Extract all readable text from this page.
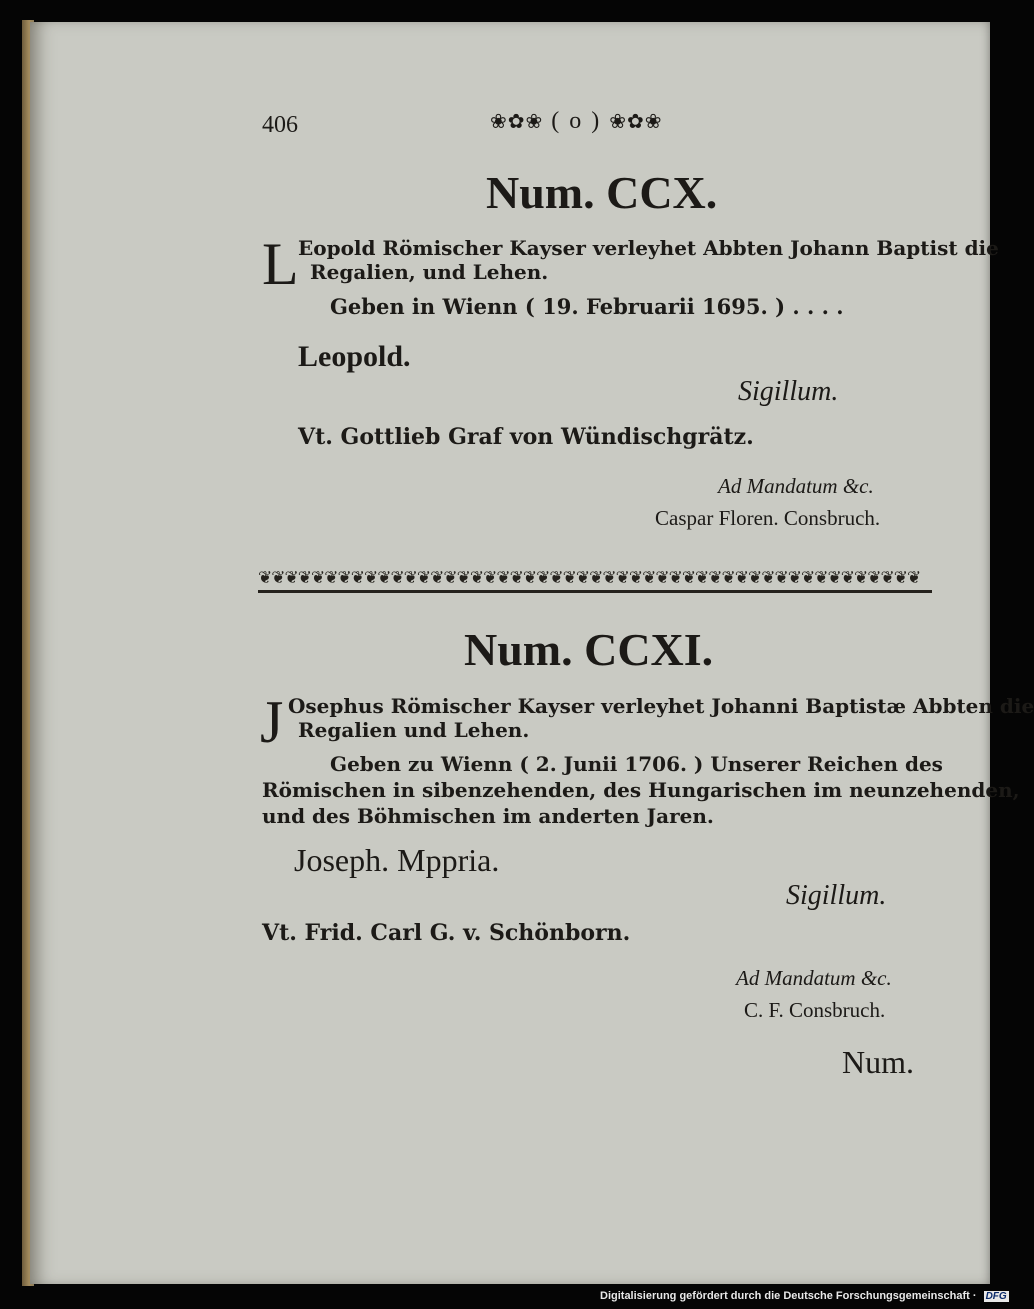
406	❀✿❀ ( o ) ❀✿❀
Num. CCX.
L Eopold Römischer Kayser verleyhet Abbten Johann Baptist die
Regalien, und Lehen.
Geben in Wienn ( 19. Februarii 1695. ) . . . .
Leopold.
Sigillum.
Vt. Gottlieb Graf von Wündischgrätz.
Ad Mandatum &c.
Caspar Floren. Consbruch.
❦❦❦❦❦❦❦❦❦❦❦❦❦❦❦❦❦❦❦❦❦❦❦❦❦❦❦❦❦❦❦❦❦❦❦❦❦❦❦❦❦❦❦❦❦❦❦❦❦❦
Num. CCXI.
J Osephus Römischer Kayser verleyhet Johanni Baptistæ Abbten die
Regalien und Lehen.
Geben zu Wienn ( 2. Junii 1706. ) Unserer Reichen des
Römischen in sibenzehenden, des Hungarischen im neunzehenden,
und des Böhmischen im anderten Jaren.
Joseph. Mppria.
Sigillum.
Vt. Frid. Carl G. v. Schönborn.
Ad Mandatum &c.
C. F. Consbruch.
Num.
Digitalisierung gefördert durch die Deutsche Forschungsgemeinschaft · DFG
